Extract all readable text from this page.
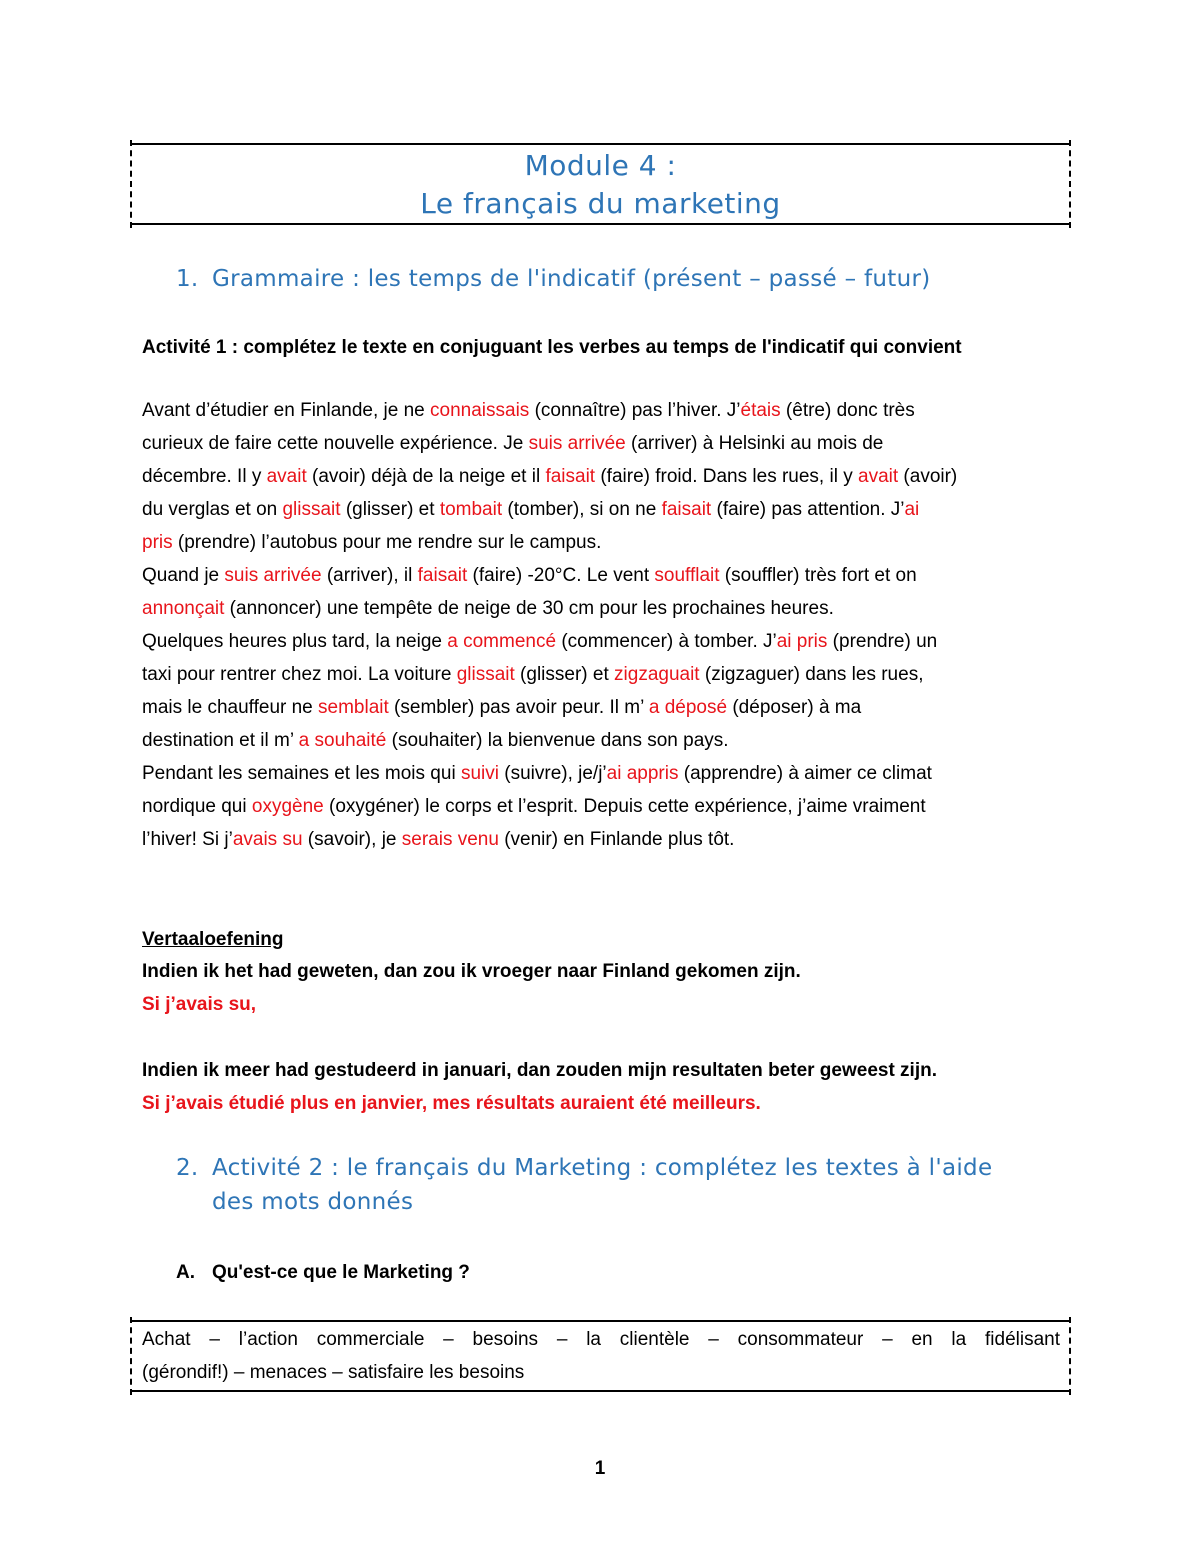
Module 4 :
Le français du marketing
1. Grammaire : les temps de l'indicatif (présent – passé – futur)
Activité 1 : complétez le texte en conjuguant les verbes au temps de l'indicatif qui convient
Avant d’étudier en Finlande, je ne connaissais (connaître) pas l’hiver. J’étais (être) donc très
curieux de faire cette nouvelle expérience. Je suis arrivée (arriver) à Helsinki au mois de
décembre. Il y avait (avoir) déjà de la neige et il faisait (faire) froid. Dans les rues, il y avait (avoir)
du verglas et on glissait (glisser) et tombait (tomber), si on ne faisait (faire) pas attention. J’ai
pris (prendre) l’autobus pour me rendre sur le campus.
Quand je suis arrivée (arriver), il faisait (faire) -20°C. Le vent soufflait (souffler) très fort et on
annonçait (annoncer) une tempête de neige de 30 cm pour les prochaines heures.
Quelques heures plus tard, la neige a commencé (commencer) à tomber. J’ai pris (prendre) un
taxi pour rentrer chez moi. La voiture glissait (glisser) et zigzaguait (zigzaguer) dans les rues,
mais le chauffeur ne semblait (sembler) pas avoir peur. Il m’ a déposé (déposer) à ma
destination et il m’ a souhaité (souhaiter) la bienvenue dans son pays.
Pendant les semaines et les mois qui suivi (suivre), je/j’ai appris (apprendre) à aimer ce climat
nordique qui oxygène (oxygéner) le corps et l’esprit. Depuis cette expérience, j’aime vraiment
l’hiver! Si j’avais su (savoir), je serais venu (venir) en Finlande plus tôt.
Vertaaloefening
Indien ik het had geweten, dan zou ik vroeger naar Finland gekomen zijn.
Si j’avais su,
Indien ik meer had gestudeerd in januari, dan zouden mijn resultaten beter geweest zijn.
Si j’avais étudié plus en janvier, mes résultats auraient été meilleurs.
2. Activité 2 : le français du Marketing : complétez les textes à l'aide
des mots donnés
A. Qu'est-ce que le Marketing ?
Achat – l’action commerciale – besoins – la clientèle – consommateur – en la fidélisant
(gérondif!) – menaces – satisfaire les besoins
1
